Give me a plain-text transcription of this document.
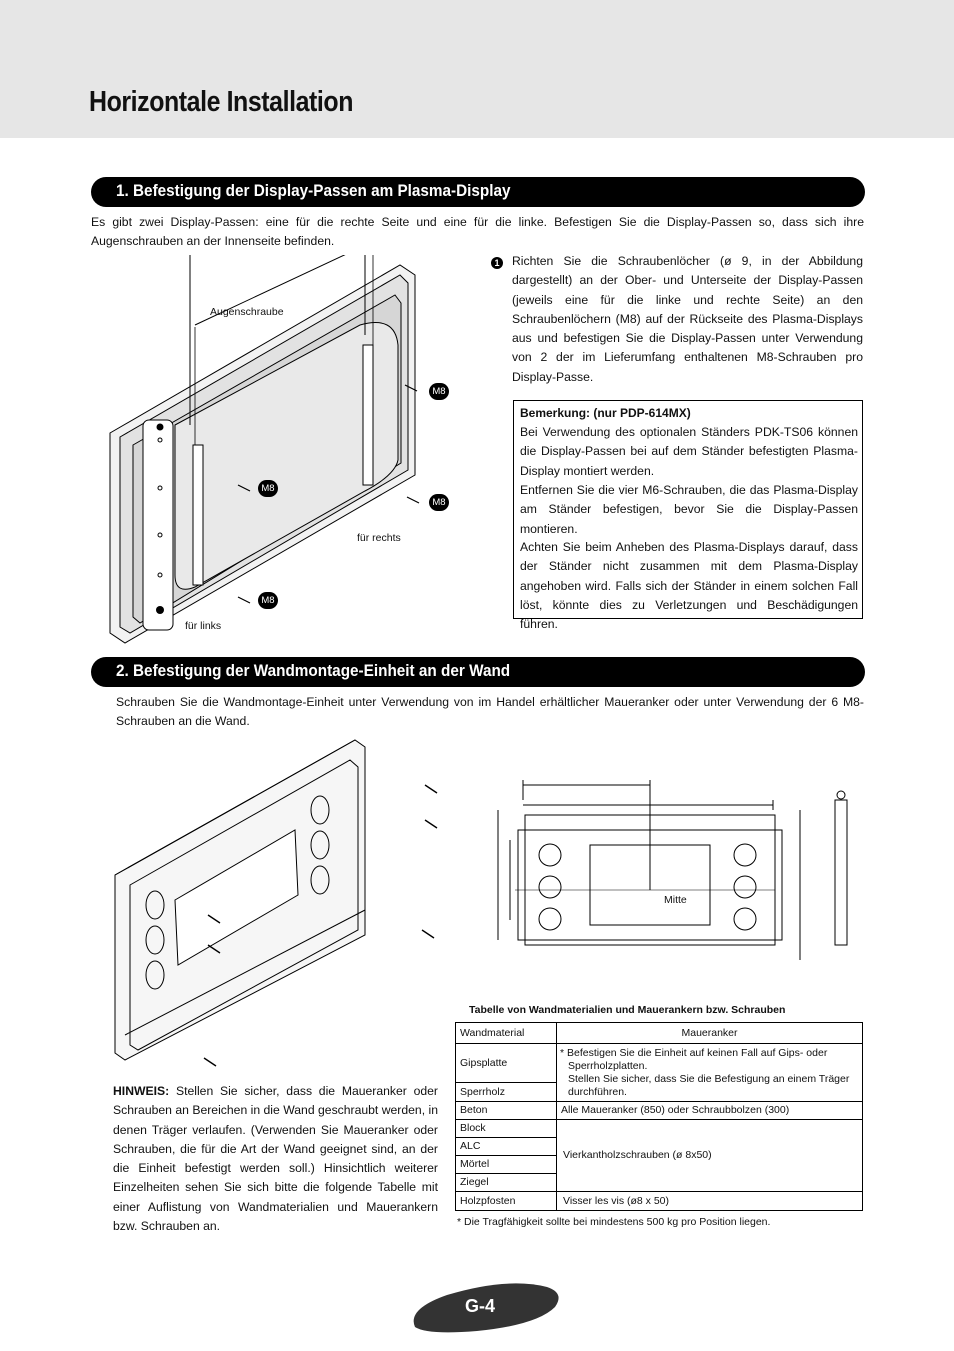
Horizontale Installation
1. Befestigung der Display-Passen am Plasma-Display
Es gibt zwei Display-Passen: eine für die rechte Seite und eine für die linke. Befestigen Sie die Display-Passen so, dass sich ihre Augenschrauben an der Innenseite befinden.
Augenschraube
für rechts
für links
M8
M8
M8
M8
1 Richten Sie die Schraubenlöcher (ø 9, in der Abbildung dargestellt) an der Ober- und Unterseite der Display-Passen (jeweils eine für die linke und rechte Seite) an den Schraubenlöchern (M8) auf der Rückseite des Plasma-Displays aus und befestigen Sie die Display-Passen unter Verwendung von 2 der im Lieferumfang enthaltenen M8-Schrauben pro Display-Passe.
Bemerkung: (nur PDP-614MX)
Bei Verwendung des optionalen Ständers PDK-TS06 können die Display-Passen bei auf dem Ständer befestigten Plasma-Display montiert werden.
Entfernen Sie die vier M6-Schrauben, die das Plasma-Display am Ständer befestigen, bevor Sie die Display-Passen montieren.
Achten Sie beim Anheben des Plasma-Displays darauf, dass der Ständer nicht zusammen mit dem Plasma-Display angehoben wird. Falls sich der Ständer in einem solchen Fall löst, könnte dies zu Verletzungen und Beschädigungen führen.
2. Befestigung der Wandmontage-Einheit an der Wand
Schrauben Sie die Wandmontage-Einheit unter Verwendung von im Handel erhältlicher Maueranker oder unter Verwendung der 6 M8-Schrauben an die Wand.
Mitte
HINWEIS: Stellen Sie sicher, dass die Maueranker oder Schrauben an Bereichen in die Wand geschraubt werden, in denen Träger verlaufen. (Verwenden Sie Maueranker oder Schrauben, die für die Art der Wand geeignet sind, an der die Einheit befestigt werden soll.) Hinsichtlich weiterer Einzelheiten sehen Sie sich bitte die folgende Tabelle mit einer Auflistung von Wandmaterialien und Mauerankern bzw. Schrauben an.
Tabelle von Wandmaterialien und Mauerankern bzw. Schrauben
Wandmaterial	Maueranker
Gipsplatte	* Befestigen Sie die Einheit auf keinen Fall auf Gips- oder
Sperrholzplatten.
Stellen Sie sicher, dass Sie die Befestigung an einem Träger
durchführen.

Sperrholz	
Beton	Alle Maueranker (850) oder Schraubbolzen (300)
Block	Vierkantholzschrauben (ø 8x50)
ALC	
Mörtel	
Ziegel	
Holzpfosten	Visser les vis (ø8 x 50)
* Die Tragfähigkeit sollte bei mindestens 500 kg pro Position liegen.
G-4
